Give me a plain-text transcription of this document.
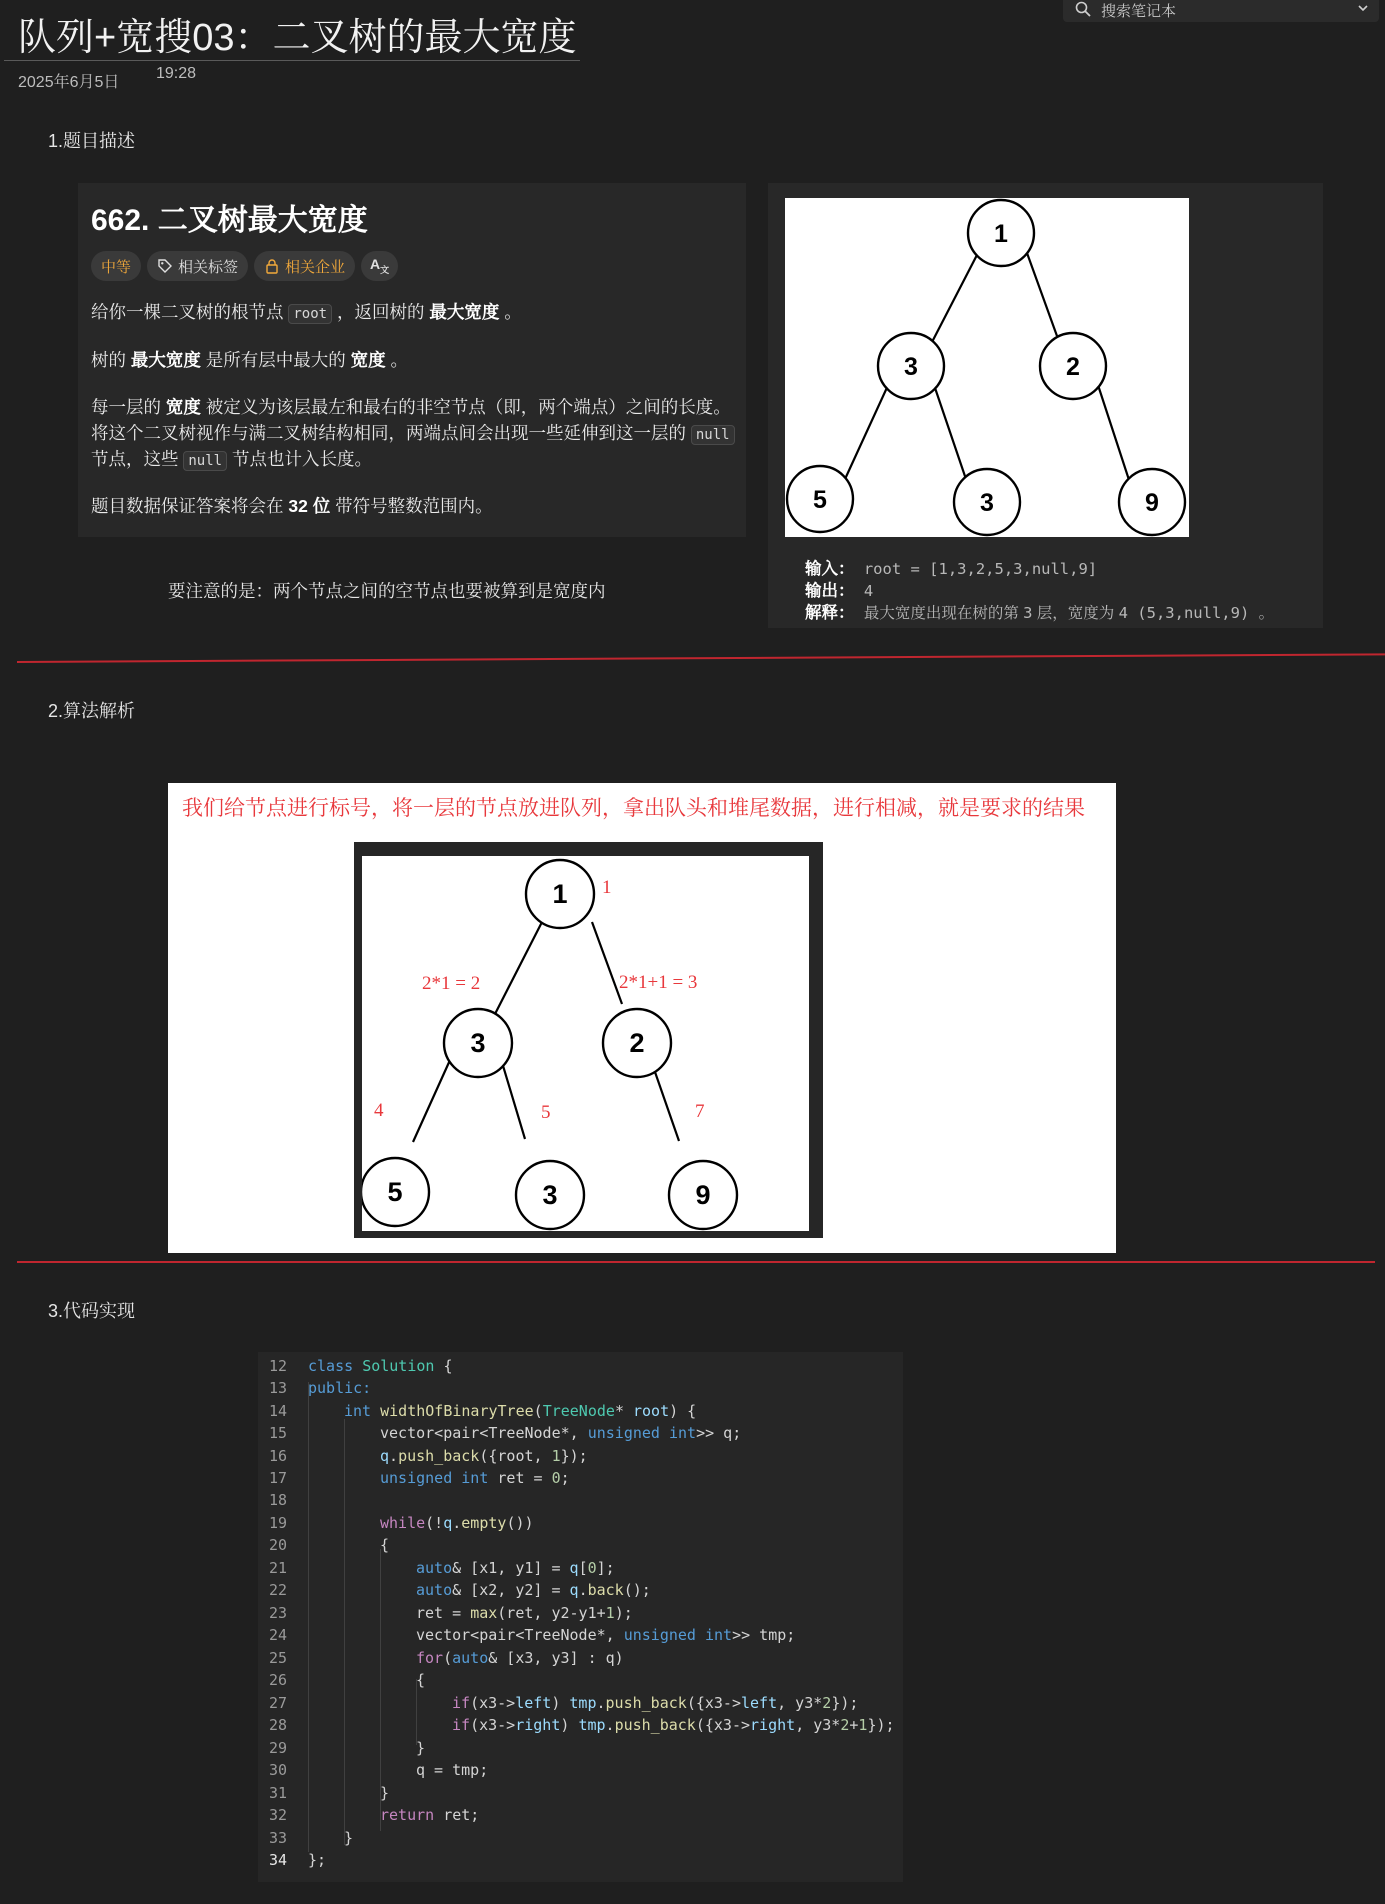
队列+宽搜03：二叉树的最大宽度
2025年6月5日
19:28
搜索笔记本
1.题目描述
662. 二叉树最大宽度
中等	相关标签	相关企业 $A_文$
给你一棵二叉树的根节点 root ，返回树的 最大宽度 。
树的 最大宽度 是所有层中最大的 宽度 。
每一层的 宽度 被定义为该层最左和最右的非空节点（即，两个端点）之间的长度。
将这个二叉树视作与满二叉树结构相同，两端点间会出现一些延伸到这一层的 null
节点，这些 null 节点也计入长度。
题目数据保证答案将会在 32 位 带符号整数范围内。
要注意的是：两个节点之间的空节点也要被算到是宽度内
1
3	2
5	3	9
输入： root = [1,3,2,5,3,null,9]
输出： 4
解释： 最大宽度出现在树的第 3 层，宽度为 4 (5,3,null,9) 。
2.算法解析
我们给节点进行标号，将一层的节点放进队列，拿出队头和堆尾数据，进行相减，就是要求的结果
1
3	2
5	3	9
1
2*1 = 2	2*1+1 = 3
4	5	7
3.代码实现
12 class Solution {
13 public:
14	int widthOfBinaryTree(TreeNode* root) {
15	vector<pair<TreeNode*, unsigned int>> q;
16	q.push_back({root, 1});
17	unsigned int ret = 0;
18
19	while(!q.empty())
20	{
21	auto& [x1, y1] = q[0];
22	auto& [x2, y2] = q.back();
23	ret = max(ret, y2-y1+1);
24	vector<pair<TreeNode*, unsigned int>> tmp;
25	for(auto& [x3, y3] : q)
26	{
27	if(x3->left) tmp.push_back({x3->left, y3*2});
28	if(x3->right) tmp.push_back({x3->right, y3*2+1});
29	}
30	q = tmp;
31	}
32	return ret;
33	}
34 };
